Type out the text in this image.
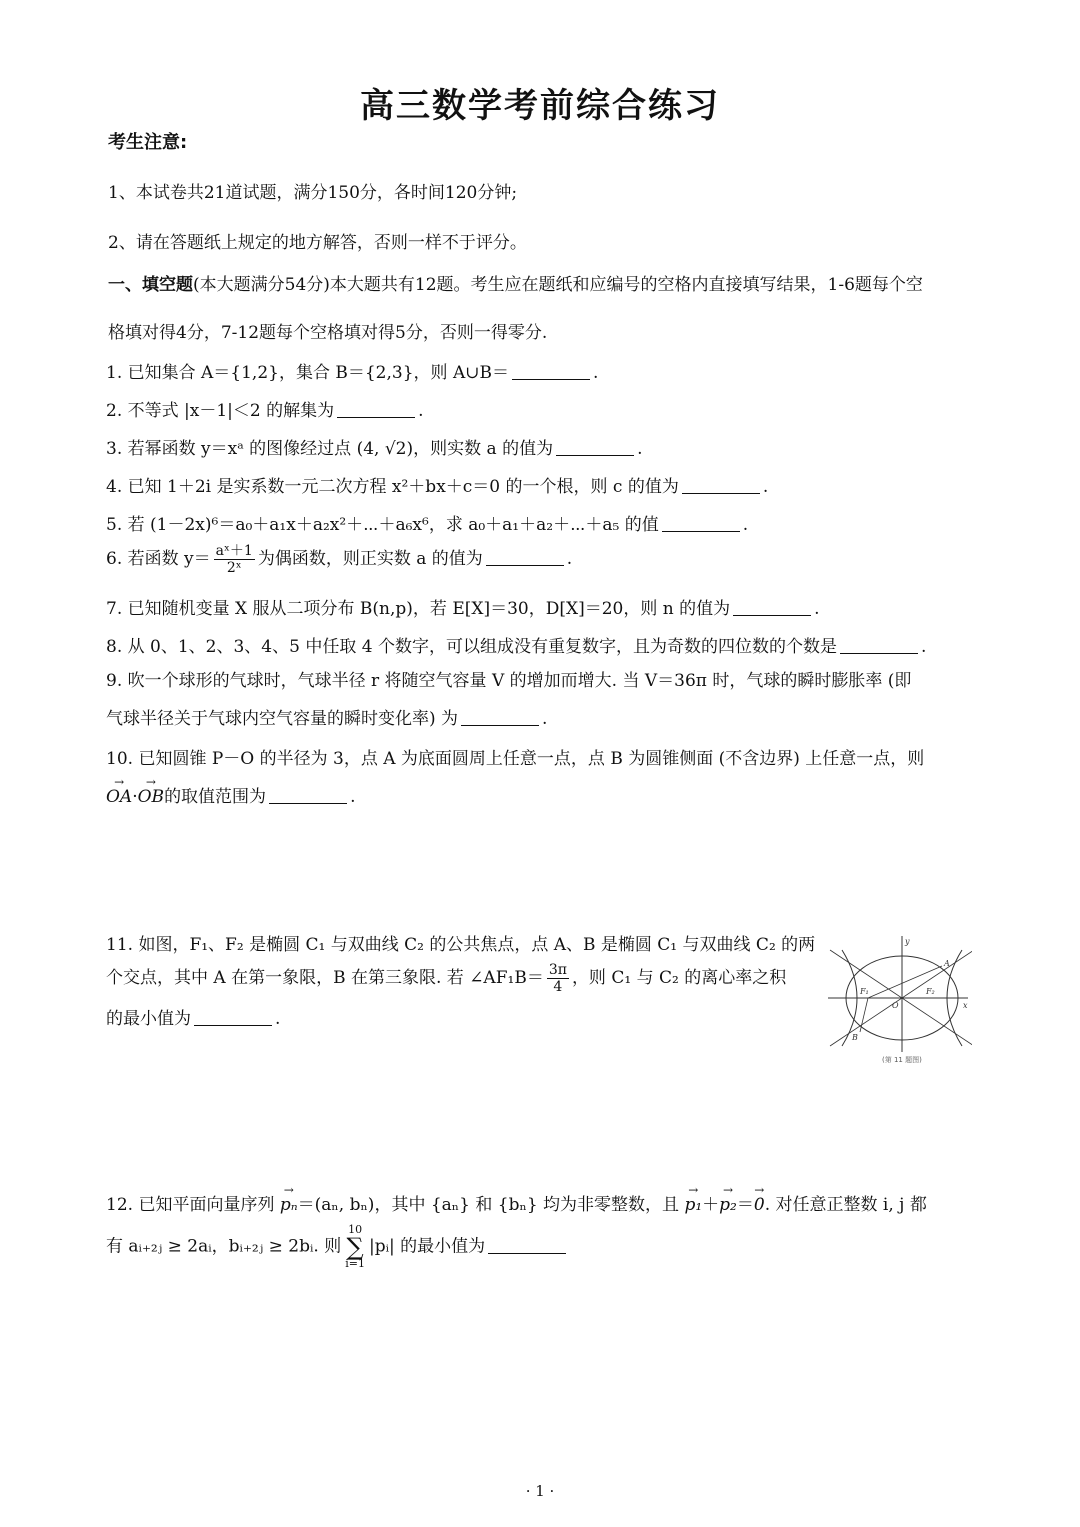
高三数学考前综合练习

考生注意:

1、本试卷共21道试题，满分150分，各时间120分钟;

2、请在答题纸上规定的地方解答，否则一样不于评分。

一、填空题(本大题满分54分)本大题共有12题。考生应在题纸和应编号的空格内直接填写结果，1-6题每个空

格填对得4分，7-12题每个空格填对得5分，否则一得零分.

1. 已知集合 A＝{1,2}，集合 B＝{2,3}，则 A∪B＝	.

2. 不等式 |x－1|＜2 的解集为	.

3. 若幂函数 y＝xᵃ 的图像经过点 (4, √2)，则实数 a 的值为	.

4. 已知 1＋2i 是实系数一元二次方程 x²＋bx＋c＝0 的一个根，则 c 的值为	.

5. 若 (1－2x)⁶＝a₀＋a₁x＋a₂x²＋⋯＋a₆x⁶，求 a₀＋a₁＋a₂＋⋯＋a₅ 的值	.

6. 若函数 $y= \frac{\text{aˣ＋1}}{\text{2ˣ}}$ 为偶函数，则正实数 a 的值为	.

7. 已知随机变量 X 服从二项分布 B(n,p)，若 E[X]＝30，D[X]＝20，则 n 的值为	.

8. 从 0、1、2、3、4、5 中任取 4 个数字，可以组成没有重复数字，且为奇数的四位数的个数是	.

9. 吹一个球形的气球时，气球半径 r 将随空气容量 V 的增加而增大. 当 V＝36π 时，气球的瞬时膨胀率 (即

气球半径关于气球内空气容量的瞬时变化率) 为	.

10. 已知圆锥 P－O 的半径为 3，点 A 为底面圆周上任意一点，点 B 为圆锥侧面 (不含边界) 上任意一点，则

OA →·OB →的取值范围为	.

11. 如图，F₁、F₂ 是椭圆 C₁ 与双曲线 C₂ 的公共焦点，点 A、B 是椭圆 C₁ 与双曲线 C₂ 的两

个交点，其中 A 在第一象限，B 在第三象限. 若 ∠AF₁B＝ $\frac{3\pi}{4}$ ，则 C₁ 与 C₂ 的离心率之积

的最小值为	.

y
x
O
F₁	F₂
A
B
(第 11 题图)

12. 已知平面向量序列 pₙ →＝(aₙ, bₙ)，其中 {aₙ} 和 {bₙ} 均为非零整数，且 p₁ →＋p₂ →＝0 →. 对任意正整数 i, j 都

有 aᵢ₊₂ⱼ ≥ 2aᵢ，bᵢ₊₂ⱼ ≥ 2bᵢ. 则
10
∑
i=1
|pᵢ| 的最小值为

· 1 ·
